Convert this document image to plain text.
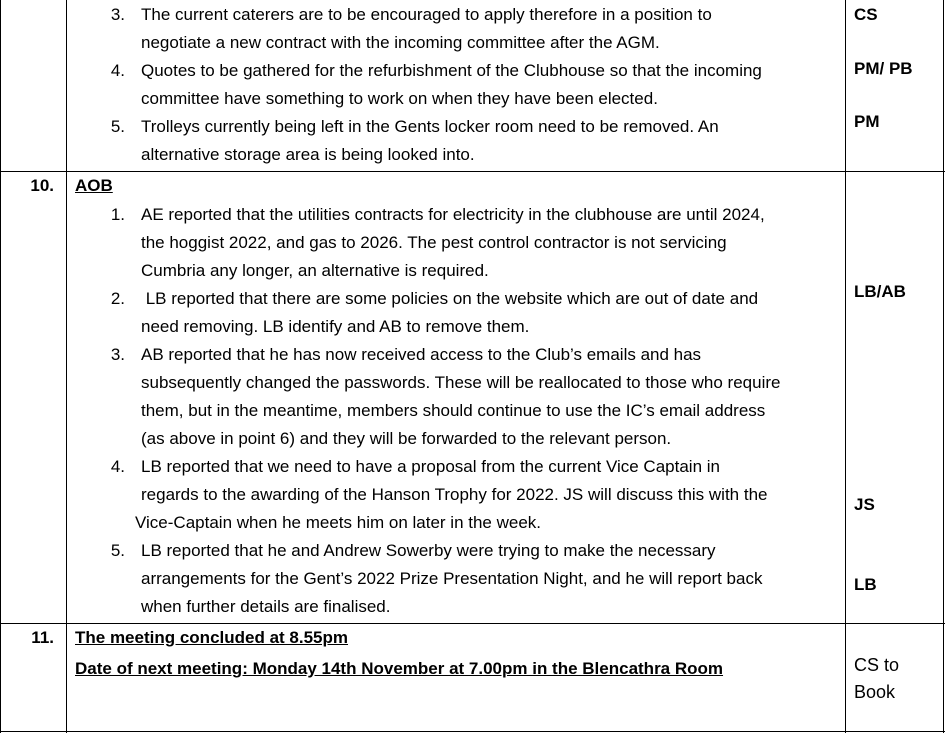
3. The current caterers are to be encouraged to apply therefore in a position to
negotiate a new contract with the incoming committee after the AGM.
CS
4. Quotes to be gathered for the refurbishment of the Clubhouse so that the incoming
committee have something to work on when they have been elected.
PM/ PB
5. Trolleys currently being left in the Gents locker room need to be removed. An
alternative storage area is being looked into.
PM
10. AOB
1. AE reported that the utilities contracts for electricity in the clubhouse are until 2024,
the hoggist 2022, and gas to 2026. The pest control contractor is not servicing
Cumbria any longer, an alternative is required.
2. LB reported that there are some policies on the website which are out of date and
need removing. LB identify and AB to remove them.
LB/AB
3. AB reported that he has now received access to the Club’s emails and has
subsequently changed the passwords. These will be reallocated to those who require
them, but in the meantime, members should continue to use the IC’s email address
(as above in point 6) and they will be forwarded to the relevant person.
4. LB reported that we need to have a proposal from the current Vice Captain in
regards to the awarding of the Hanson Trophy for 2022. JS will discuss this with the
Vice-Captain when he meets him on later in the week.
JS
5. LB reported that he and Andrew Sowerby were trying to make the necessary
arrangements for the Gent’s 2022 Prize Presentation Night, and he will report back
when further details are finalised.
LB
11. The meeting concluded at 8.55pm
Date of next meeting: Monday 14th November at 7.00pm in the Blencathra Room	CS to
Book
